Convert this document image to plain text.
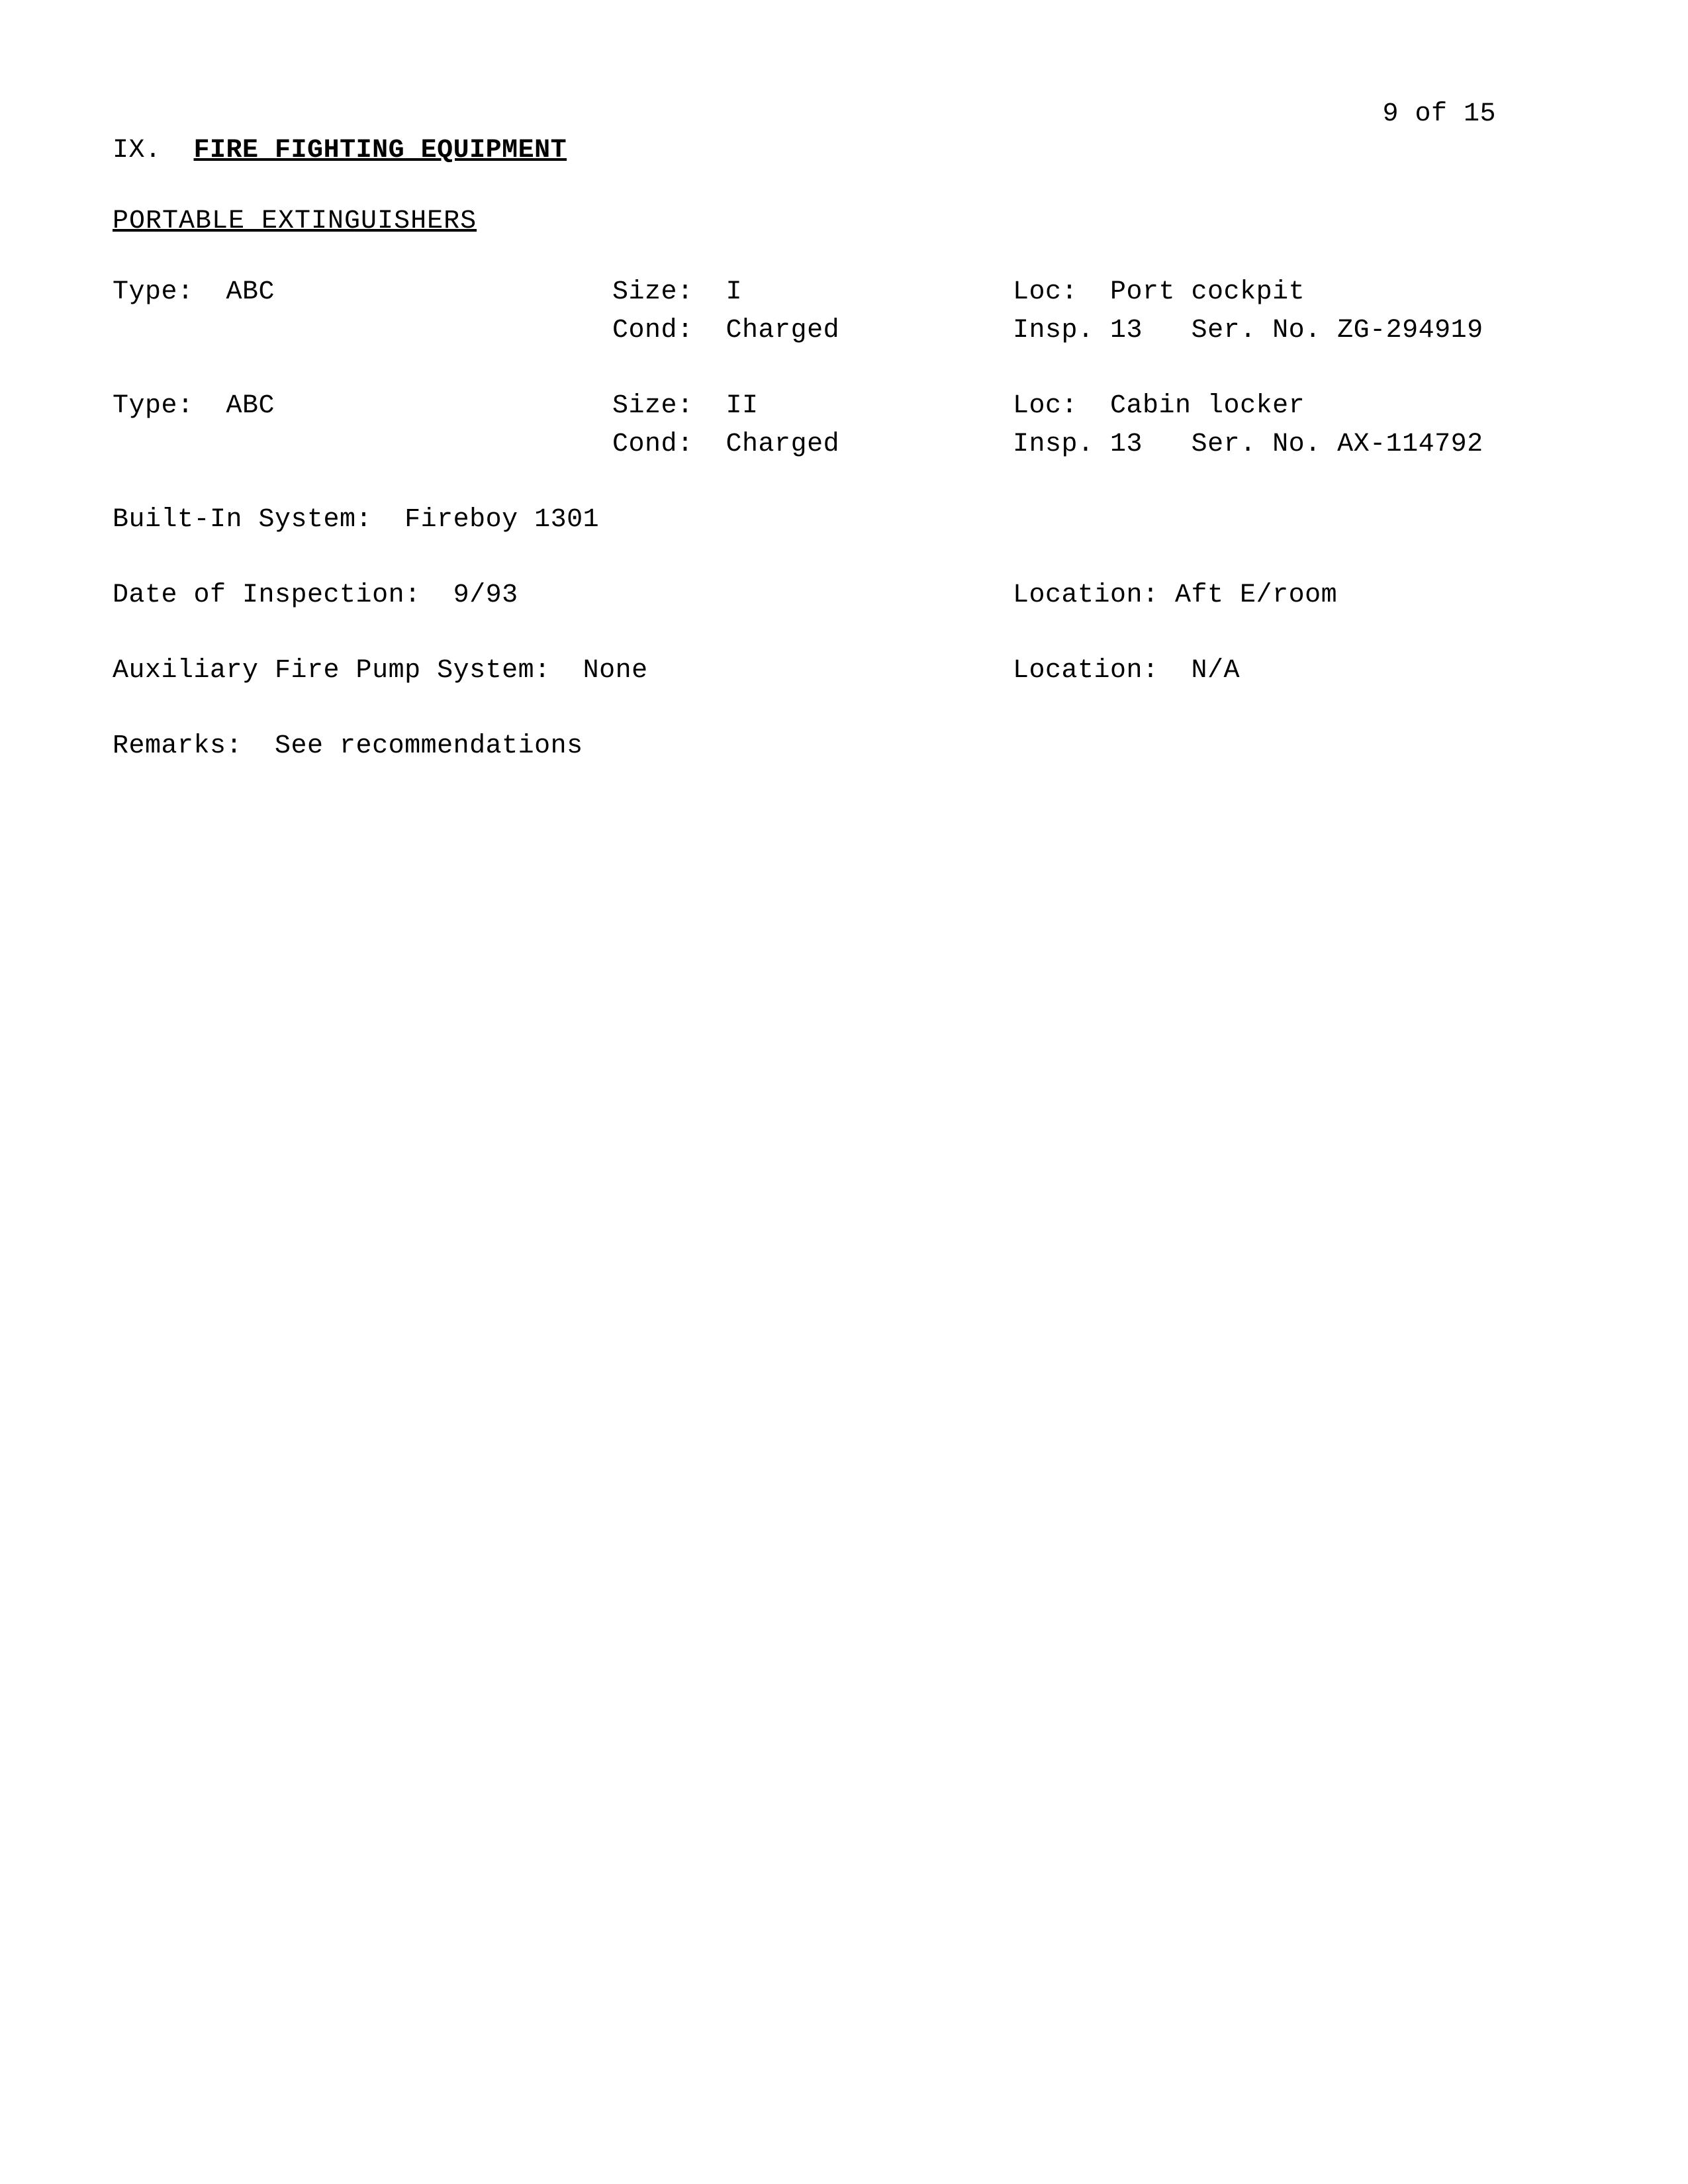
9 of 15
IX. FIRE FIGHTING EQUIPMENT
PORTABLE EXTINGUISHERS
Type: ABC	Size: I	Loc: Port cockpit
Cond: Charged	Insp. 13 Ser. No. ZG-294919
Type: ABC	Size: II	Loc: Cabin locker
Cond: Charged	Insp. 13 Ser. No. AX-114792
Built-In System:  Fireboy 1301
Date of Inspection:  9/93	Location: Aft E/room
Auxiliary Fire Pump System:  None	Location:  N/A
Remarks:  See recommendations
